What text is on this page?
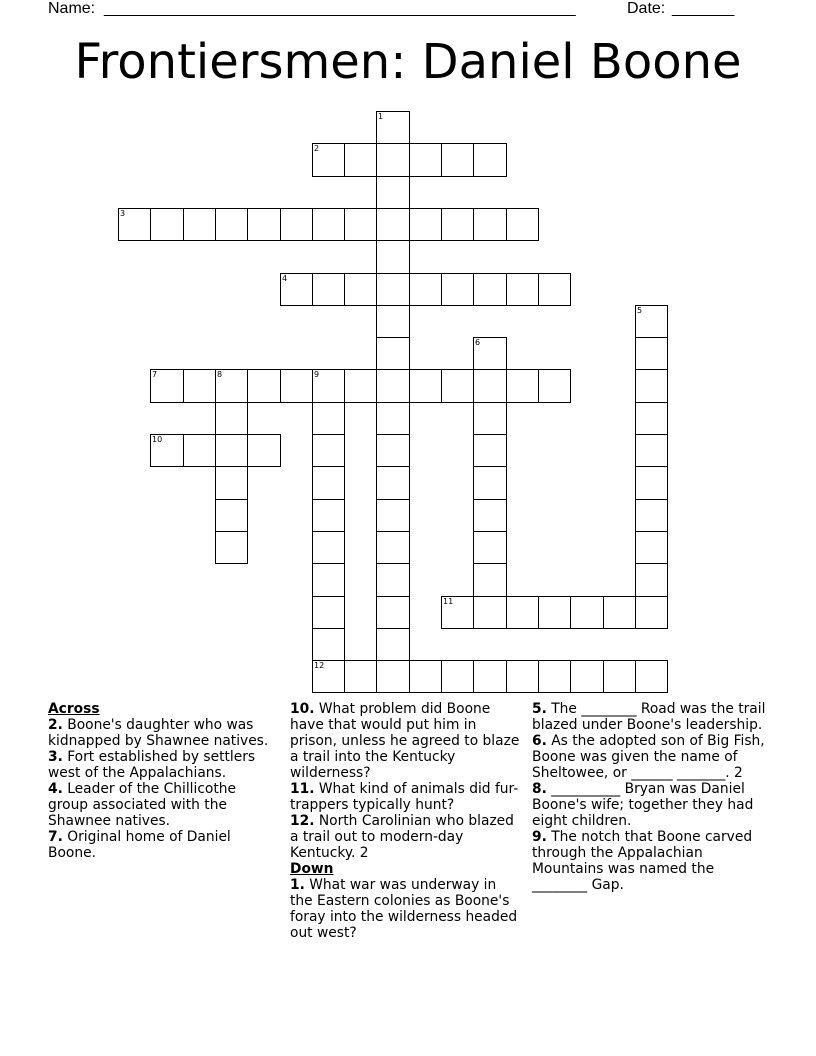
Name: _____________________________________________________	Date: _______
Frontiersmen: Daniel Boone
1
2
3
4
5
6
7	8	9
10
11
12
Across
2. Boone's daughter who was kidnapped by Shawnee natives.
3. Fort established by settlers west of the Appalachians.
4. Leader of the Chillicothe group associated with the Shawnee natives.
7. Original home of Daniel Boone.
10. What problem did Boone have that would put him in prison, unless he agreed to blaze a trail into the Kentucky wilderness?
11. What kind of animals did fur-trappers typically hunt?
12. North Carolinian who blazed a trail out to modern-day Kentucky. 2
Down
1. What war was underway in the Eastern colonies as Boone's foray into the wilderness headed out west?
5. The ________ Road was the trail blazed under Boone's leadership.
6. As the adopted son of Big Fish, Boone was given the name of Sheltowee, or ______ _______. 2
8. __________ Bryan was Daniel Boone's wife; together they had eight children.
9. The notch that Boone carved through the Appalachian Mountains was named the ________ Gap.
